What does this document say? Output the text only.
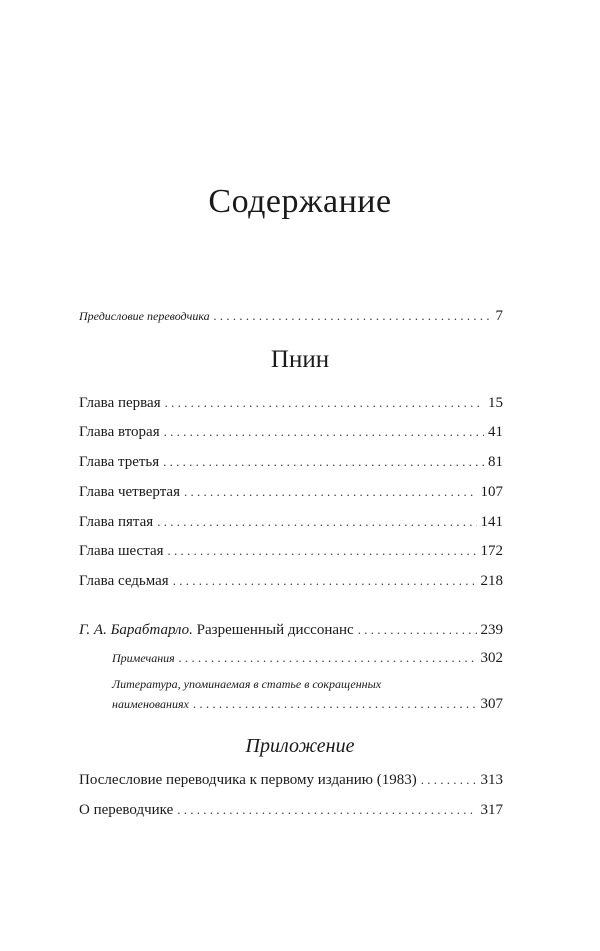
Содержание
Предисловие переводчика . . .	7
Пнин
Глава первая . . .	15
Глава вторая . . .	41
Глава третья . . .	81
Глава четвертая . . .	107
Глава пятая . . .	141
Глава шестая . . .	172
Глава седьмая . . .	218
Г. А. Барабтарло. Разрешенный диссонанс . . .	239
Примечания . . .	302
Литература, упоминаемая в статье в сокращенных
наименованиях . . .	307
Приложение
Послесловие переводчика к первому изданию (1983) . . .	313
О переводчике . . .	317
